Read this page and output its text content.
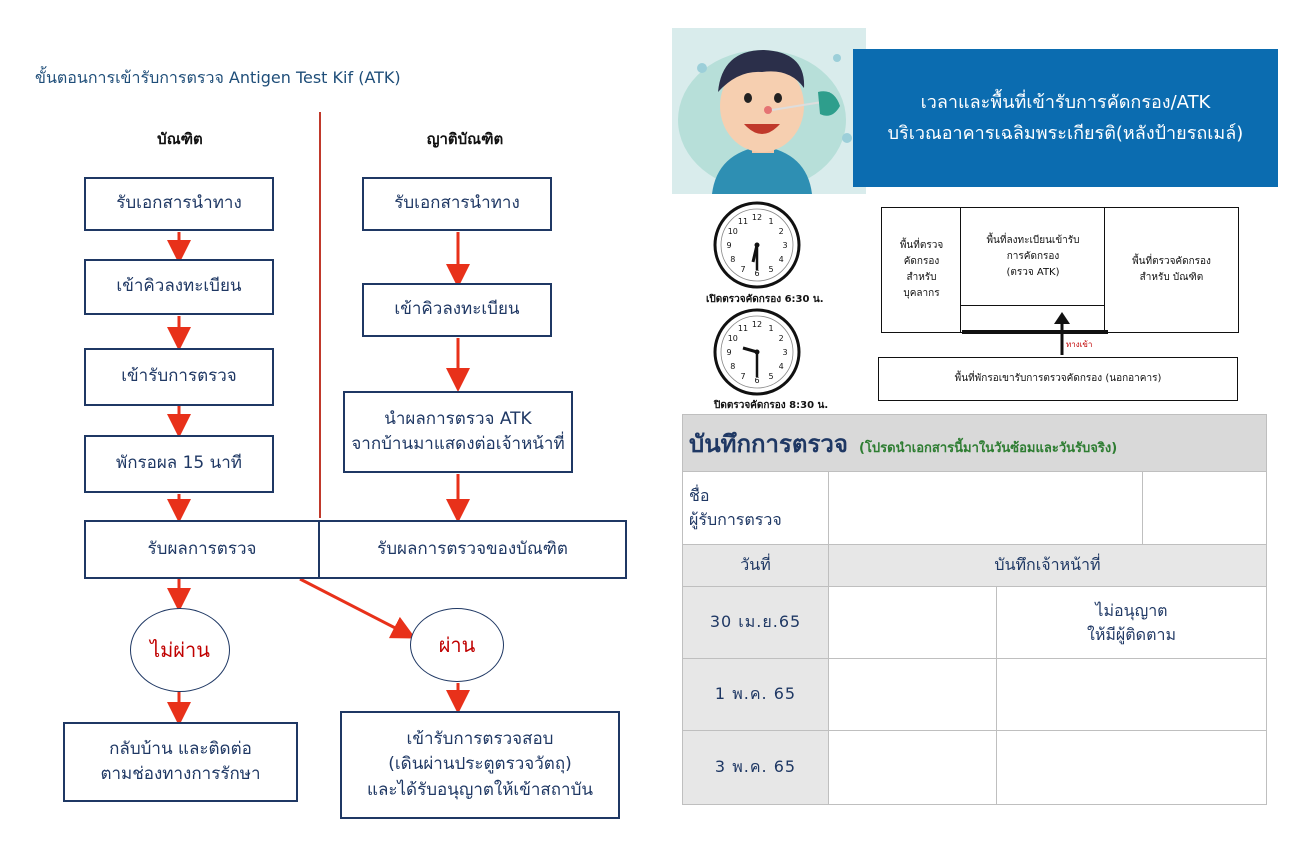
ขั้นตอนการเข้ารับการตรวจ Antigen Test Kif (ATK)
บัณฑิต	ญาติบัณฑิต
รับเอกสารนำทาง
เข้าคิวลงทะเบียน
เข้ารับการตรวจ
พักรอผล 15 นาที
รับเอกสารนำทาง
เข้าคิวลงทะเบียน
นำผลการตรวจ ATK
จากบ้านมาแสดงต่อเจ้าหน้าที่
รับผลการตรวจ	รับผลการตรวจของบัณฑิต
ไม่ผ่าน	ผ่าน
กลับบ้าน และติดต่อ
ตามช่องทางการรักษา
เข้ารับการตรวจสอบ
(เดินผ่านประตูตรวจวัตถุ)
และได้รับอนุญาตให้เข้าสถาบัน
เวลาและพื้นที่เข้ารับการคัดกรอง/ATK
บริเวณอาคารเฉลิมพระเกียรติ(หลังป้ายรถเมล์)
12 1
2
3
4
5
6
7
8
9
10
11
เปิดตรวจคัดกรอง 6:30 น.
12 1
2
3
4
5
6
7
8
9
10
11
ปิดตรวจคัดกรอง 8:30 น.
พื้นที่ตรวจ
คัดกรอง
สำหรับ
บุคลากร
พื้นที่ลงทะเบียนเข้ารับ
การคัดกรอง
(ตรวจ ATK)
พื้นที่ตรวจคัดกรอง
สำหรับ บัณฑิต
ทางเข้า
พื้นที่พักรอเขารับการตรวจคัดกรอง (นอกอาคาร)
บันทึกการตรวจ (โปรดนำเอกสารนี้มาในวันซ้อมและวันรับจริง)			
ชื่อ
ผู้รับการตรวจ			
วันที่	บันทึกเจ้าหน้าที่		
30 เม.ย.65		ไม่อนุญาต
ให้มีผู้ติดตาม	
1 พ.ค. 65			
3 พ.ค. 65			
